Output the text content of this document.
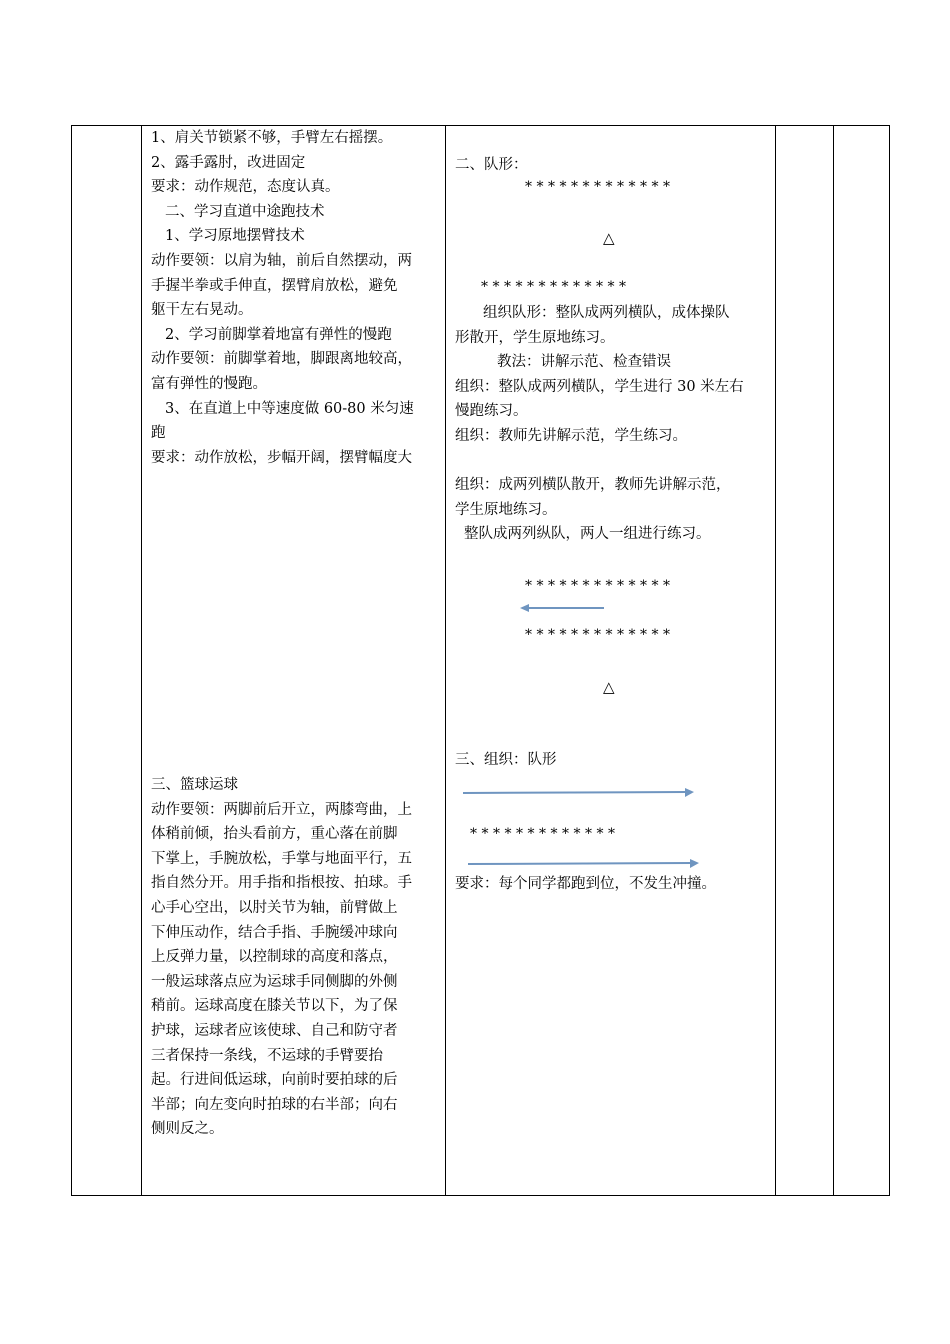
1、肩关节锁紧不够，手臂左右摇摆。
2、露手露肘，改进固定
要求：动作规范，态度认真。
二、学习直道中途跑技术
1、学习原地摆臂技术
动作要领：以肩为轴，前后自然摆动，两
手握半拳或手伸直，摆臂肩放松，避免
躯干左右晃动。
2、学习前脚掌着地富有弹性的慢跑
动作要领：前脚掌着地，脚跟离地较高，
富有弹性的慢跑。
3、在直道上中等速度做 60-80 米匀速
跑
要求：动作放松，步幅开阔，摆臂幅度大
三、篮球运球
动作要领：两脚前后开立，两膝弯曲，上
体稍前倾，抬头看前方，重心落在前脚
下掌上，手腕放松，手掌与地面平行，五
指自然分开。用手指和指根按、拍球。手
心手心空出，以肘关节为轴，前臂做上
下伸压动作，结合手指、手腕缓冲球向
上反弹力量，以控制球的高度和落点，
一般运球落点应为运球手同侧脚的外侧
稍前。运球高度在膝关节以下，为了保
护球，运球者应该使球、自己和防守者
三者保持一条线，不运球的手臂要抬
起。行进间低运球，向前时要拍球的后
半部；向左变向时拍球的右半部；向右
侧则反之。
二、队形：
*************
△
*************
组织队形：整队成两列横队，成体操队
形散开，学生原地练习。
教法：讲解示范、检查错误
组织：整队成两列横队，学生进行 30 米左右
慢跑练习。
组织：教师先讲解示范，学生练习。
组织：成两列横队散开，教师先讲解示范，
学生原地练习。
整队成两列纵队，两人一组进行练习。
*************
*************
△
三、组织：队形
*************
要求：每个同学都跑到位，不发生冲撞。
